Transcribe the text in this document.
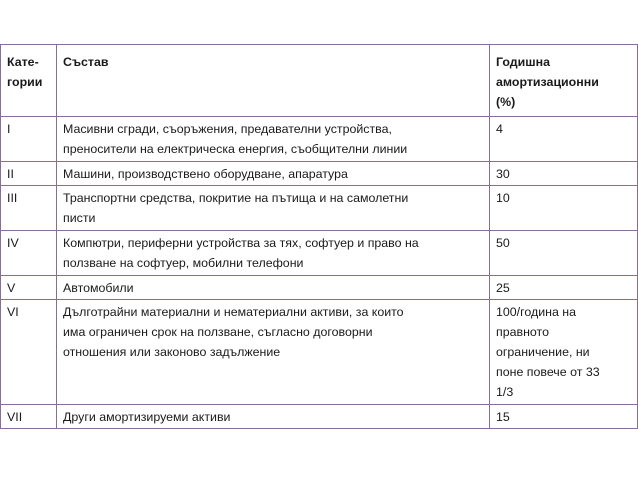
Кате-
гории	Състав	Годишна
амортизационни
(%)

I	Масивни сгради, съоръжения, предавателни устройства,
преносители на електрическа енергия, съобщителни линии	4

II	Машини, производствено оборудване, апаратура	30

III	Транспортни средства, покритие на пътища и на самолетни
писти	10

IV	Компютри, периферни устройства за тях, софтуер и право на
ползване на софтуер, мобилни телефони	50

V	Автомобили	25

VI	Дълготрайни материални и нематериални активи, за които
има ограничен срок на ползване, съгласно договорни
отношения или законово задължение	100/година на
правното
ограничение, ни
поне повече от 33
1/3

VII	Други амортизируеми активи	15
